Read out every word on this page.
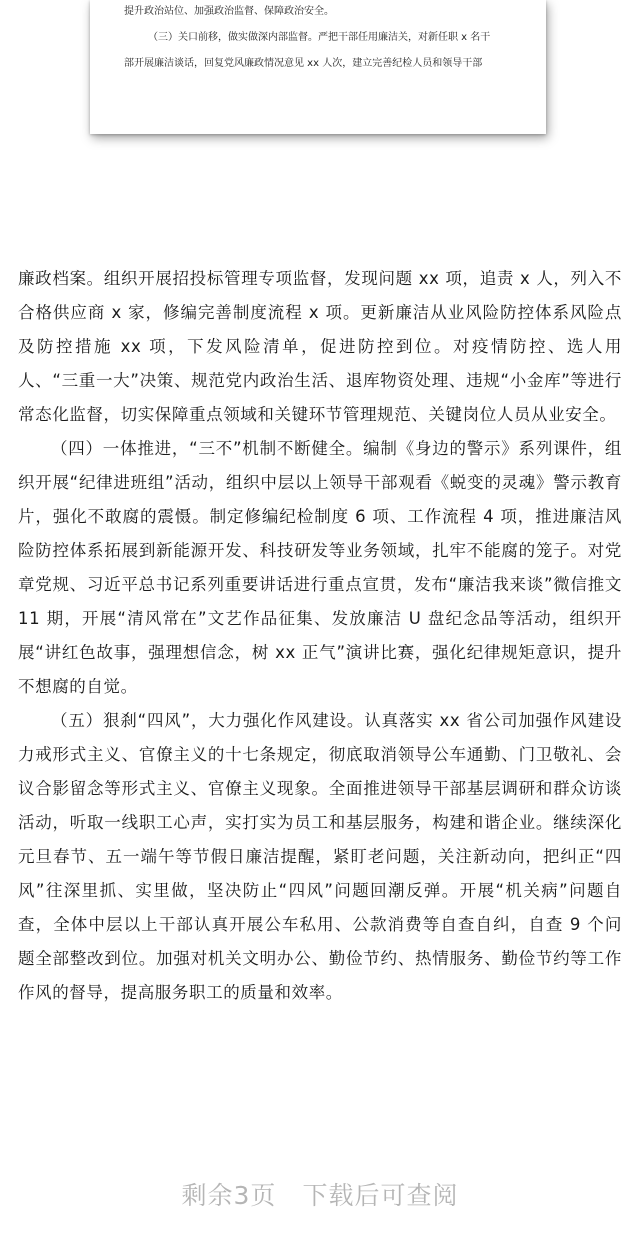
提升政治站位、加强政治监督、保障政治安全。
（三）关口前移，做实做深内部监督。严把干部任用廉洁关，对新任职 x 名干
部开展廉洁谈话，回复党风廉政情况意见 xx 人次，建立完善纪检人员和领导干部

廉政档案。组织开展招投标管理专项监督，发现问题 xx 项，追责 x 人，列入不合格供应商 x 家，修编完善制度流程 x 项。更新廉洁从业风险防控体系风险点及防控措施 xx 项，下发风险清单，促进防控到位。对疫情防控、选人用人、“三重一大”决策、规范党内政治生活、退库物资处理、违规“小金库”等进行常态化监督，切实保障重点领域和关键环节管理规范、关键岗位人员从业安全。

（四）一体推进，“三不”机制不断健全。编制《身边的警示》系列课件，组织开展“纪律进班组”活动，组织中层以上领导干部观看《蜕变的灵魂》警示教育片，强化不敢腐的震慑。制定修编纪检制度 6 项、工作流程 4 项，推进廉洁风险防控体系拓展到新能源开发、科技研发等业务领域，扎牢不能腐的笼子。对党章党规、习近平总书记系列重要讲话进行重点宣贯，发布“廉洁我来谈”微信推文 11 期，开展“清风常在”文艺作品征集、发放廉洁 U 盘纪念品等活动，组织开展“讲红色故事，强理想信念，树 xx 正气”演讲比赛，强化纪律规矩意识，提升不想腐的自觉。

（五）狠刹“四风”，大力强化作风建设。认真落实 xx 省公司加强作风建设力戒形式主义、官僚主义的十七条规定，彻底取消领导公车通勤、门卫敬礼、会议合影留念等形式主义、官僚主义现象。全面推进领导干部基层调研和群众访谈活动，听取一线职工心声，实打实为员工和基层服务，构建和谐企业。继续深化元旦春节、五一端午等节假日廉洁提醒，紧盯老问题，关注新动向，把纠正“四风”往深里抓、实里做，坚决防止“四风”问题回潮反弹。开展“机关病”问题自查，全体中层以上干部认真开展公车私用、公款消费等自查自纠，自查 9 个问题全部整改到位。加强对机关文明办公、勤俭节约、热情服务、勤俭节约等工作作风的督导，提高服务职工的质量和效率。

剩余3页 下载后可查阅
